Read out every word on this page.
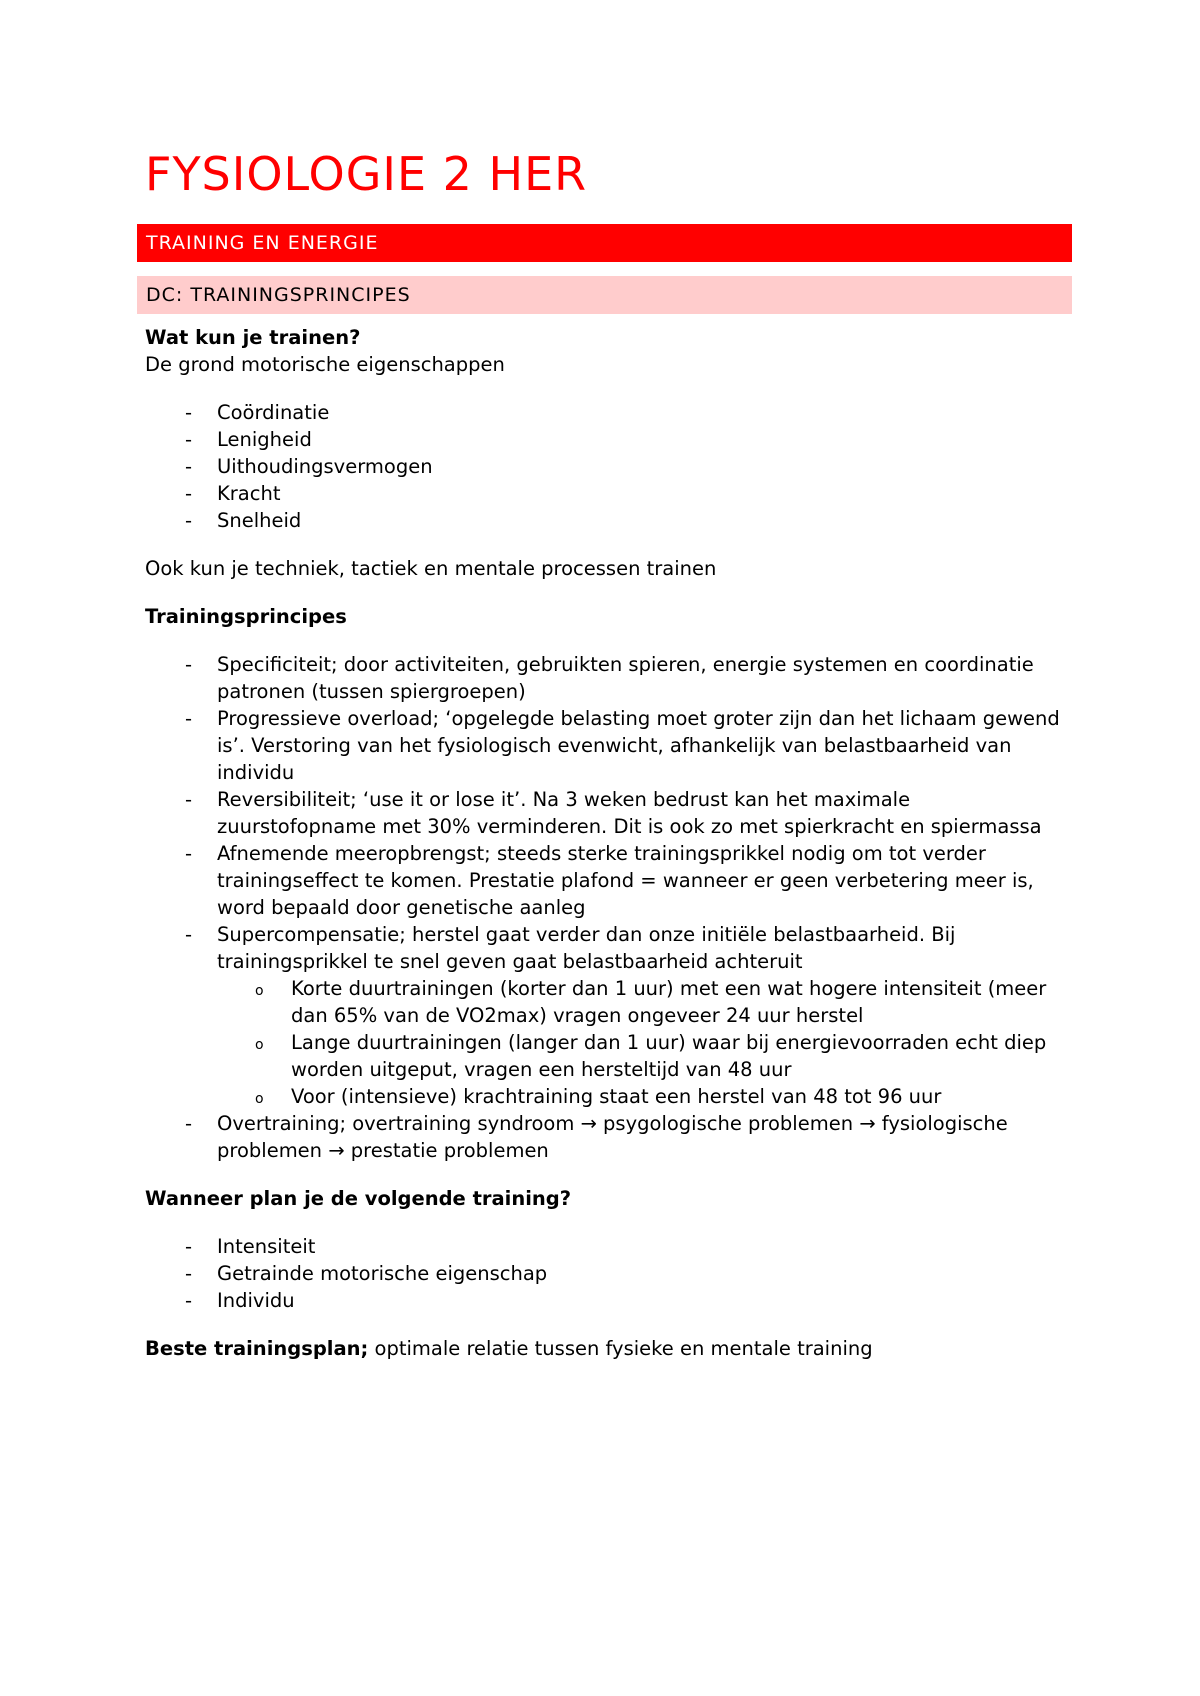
FYSIOLOGIE 2 HER
TRAINING EN ENERGIE
DC: TRAININGSPRINCIPES

Wat kun je trainen?

De grond motorische eigenschappen

- Coördinatie
- Lenigheid
- Uithoudingsvermogen
- Kracht
- Snelheid

Ook kun je techniek, tactiek en mentale processen trainen

Trainingsprincipes

- Specificiteit; door activiteiten, gebruikten spieren, energie systemen en coordinatie patronen (tussen spiergroepen)
- Progressieve overload; ‘opgelegde belasting moet groter zijn dan het lichaam gewend is’. Verstoring van het fysiologisch evenwicht, afhankelijk van belastbaarheid van individu
- Reversibiliteit; ‘use it or lose it’. Na 3 weken bedrust kan het maximale zuurstofopname met 30% verminderen. Dit is ook zo met spierkracht en spiermassa
- Afnemende meeropbrengst; steeds sterke trainingsprikkel nodig om tot verder trainingseffect te komen. Prestatie plafond = wanneer er geen verbetering meer is, word bepaald door genetische aanleg
- Supercompensatie; herstel gaat verder dan onze initiële belastbaarheid. Bij trainingsprikkel te snel geven gaat belastbaarheid achteruit
o Korte duurtrainingen (korter dan 1 uur) met een wat hogere intensiteit (meer dan 65% van de VO2max) vragen ongeveer 24 uur herstel
o Lange duurtrainingen (langer dan 1 uur) waar bij energievoorraden echt diep worden uitgeput, vragen een hersteltijd van 48 uur
o Voor (intensieve) krachtraining staat een herstel van 48 tot 96 uur
- Overtraining; overtraining syndroom → psygologische problemen → fysiologische problemen → prestatie problemen

Wanneer plan je de volgende training?

- Intensiteit
- Getrainde motorische eigenschap
- Individu

Beste trainingsplan; optimale relatie tussen fysieke en mentale training
